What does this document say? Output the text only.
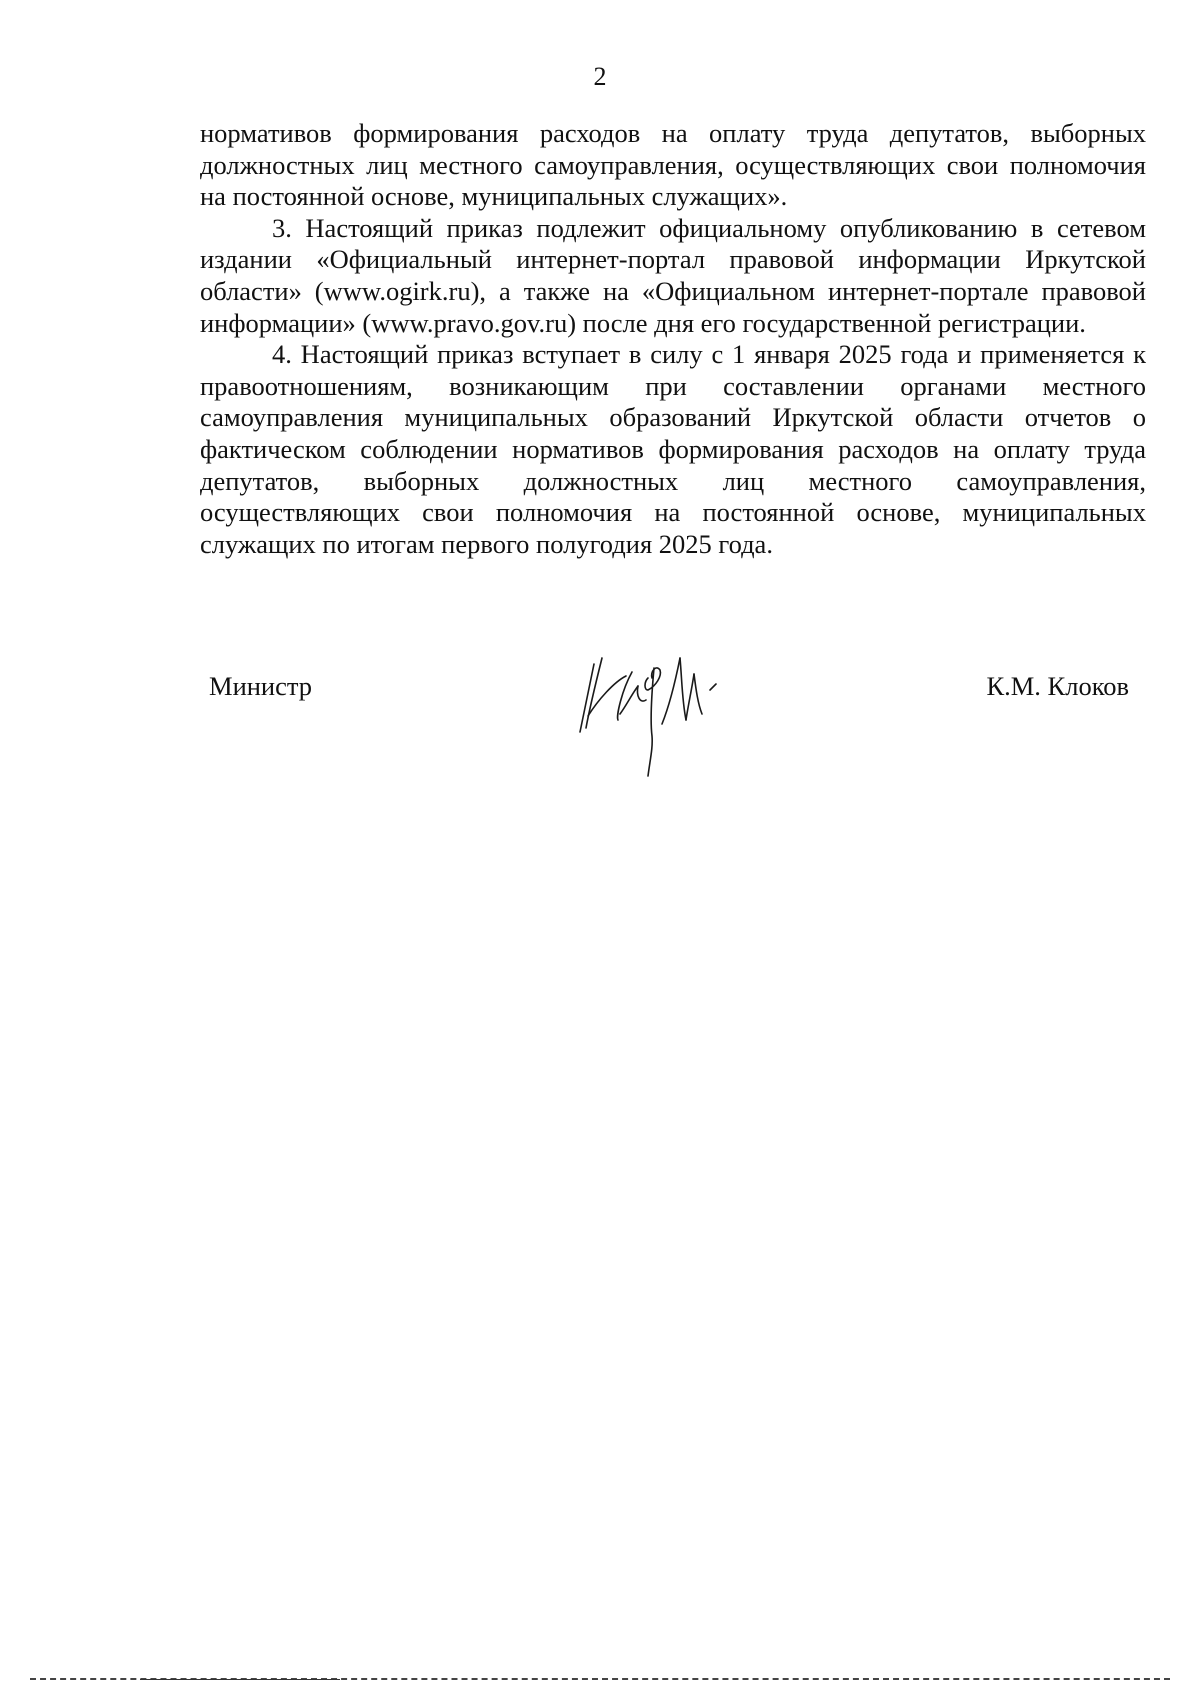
2

нормативов формирования расходов на оплату труда депутатов, выборных должностных лиц местного самоуправления, осуществляющих свои полномочия на постоянной основе, муниципальных служащих».

3. Настоящий приказ подлежит официальному опубликованию в сетевом издании «Официальный интернет-портал правовой информации Иркутской области» (www.ogirk.ru), а также на «Официальном интернет-портале правовой информации» (www.pravo.gov.ru) после дня его государственной регистрации.

4. Настоящий приказ вступает в силу с 1 января 2025 года и применяется к правоотношениям, возникающим при составлении органами местного самоуправления муниципальных образований Иркутской области отчетов о фактическом соблюдении нормативов формирования расходов на оплату труда депутатов, выборных должностных лиц местного самоуправления, осуществляющих свои полномочия на постоянной основе, муниципальных служащих по итогам первого полугодия 2025 года.

Министр	К.М. Клоков
